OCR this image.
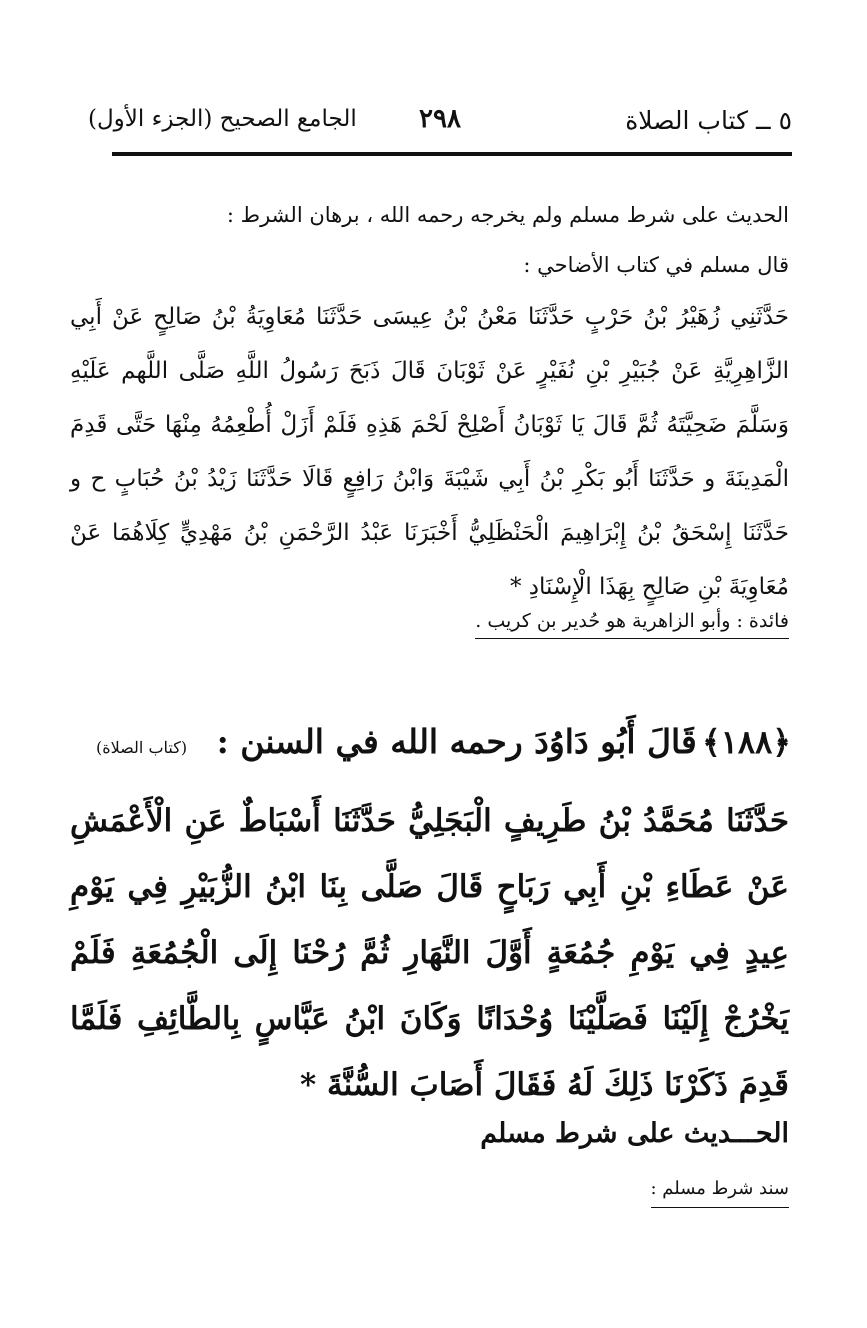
٥ ــ كتاب الصلاة
٢٩٨
الجامع الصحيح (الجزء الأول)

الحديث على شرط مسلم ولم يخرجه رحمه الله ، برهان الشرط :

قال مسلم في كتاب الأضاحي :

حَدَّثَنِي زُهَيْرُ بْنُ حَرْبٍ حَدَّثَنَا مَعْنُ بْنُ عِيسَى حَدَّثَنَا مُعَاوِيَةُ بْنُ صَالِحٍ عَنْ أَبِي الزَّاهِرِيَّةِ عَنْ جُبَيْرِ بْنِ نُفَيْرٍ عَنْ ثَوْبَانَ قَالَ ذَبَحَ رَسُولُ اللَّهِ صَلَّى اللَّهم عَلَيْهِ وَسَلَّمَ ضَحِيَّتَهُ ثُمَّ قَالَ يَا ثَوْبَانُ أَصْلِحْ لَحْمَ هَذِهِ فَلَمْ أَزَلْ أُطْعِمُهُ مِنْهَا حَتَّى قَدِمَ الْمَدِينَةَ و حَدَّثَنَا أَبُو بَكْرِ بْنُ أَبِي شَيْبَةَ وَابْنُ رَافِعٍ قَالَا حَدَّثَنَا زَيْدُ بْنُ حُبَابٍ ح و حَدَّثَنَا إِسْحَقُ بْنُ إِبْرَاهِيمَ الْحَنْظَلِيُّ أَخْبَرَنَا عَبْدُ الرَّحْمَنِ بْنُ مَهْدِيٍّ كِلَاهُمَا عَنْ مُعَاوِيَةَ بْنِ صَالِحٍ بِهَذَا الْإِسْنَادِ *

فائدة : وأبو الزاهرية هو حُدير بن كريب .
﴿١٨٨﴾ قَالَ أَبُو دَاوُدَ رحمه الله في السنن :
(كتاب الصلاة)
حَدَّثَنَا مُحَمَّدُ بْنُ طَرِيفٍ الْبَجَلِيُّ حَدَّثَنَا أَسْبَاطٌ عَنِ الْأَعْمَشِ عَنْ عَطَاءِ بْنِ أَبِي رَبَاحٍ قَالَ صَلَّى بِنَا ابْنُ الزُّبَيْرِ فِي يَوْمِ عِيدٍ فِي يَوْمِ جُمُعَةٍ أَوَّلَ النَّهَارِ ثُمَّ رُحْنَا إِلَى الْجُمُعَةِ فَلَمْ يَخْرُجْ إِلَيْنَا فَصَلَّيْنَا وُحْدَانًا وَكَانَ ابْنُ عَبَّاسٍ بِالطَّائِفِ فَلَمَّا قَدِمَ ذَكَرْنَا ذَلِكَ لَهُ فَقَالَ أَصَابَ السُّنَّةَ *
الحـــديث على شرط مسلم
سند شرط مسلم :
